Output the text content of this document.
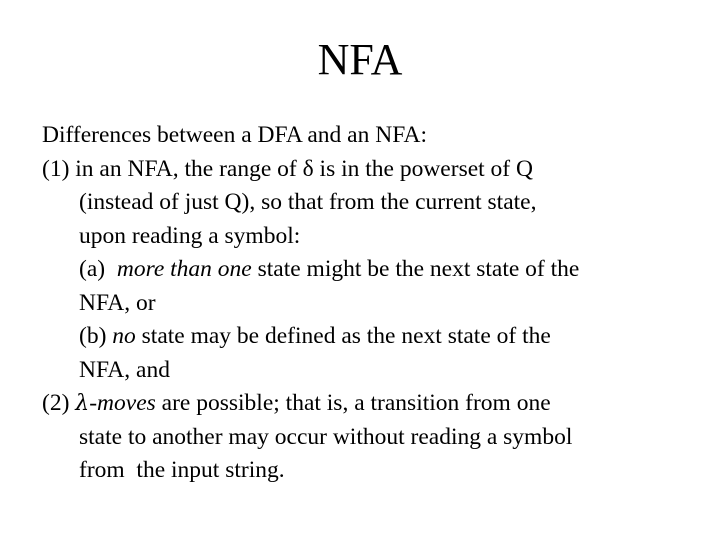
NFA
Differences between a DFA and an NFA:
(1) in an NFA, the range of δ is in the powerset of Q
(instead of just Q), so that from the current state,
upon reading a symbol:
(a)  more than one state might be the next state of the
NFA, or
(b) no state may be defined as the next state of the
NFA, and
(2) λ-moves are possible; that is, a transition from one
state to another may occur without reading a symbol
from  the input string.
